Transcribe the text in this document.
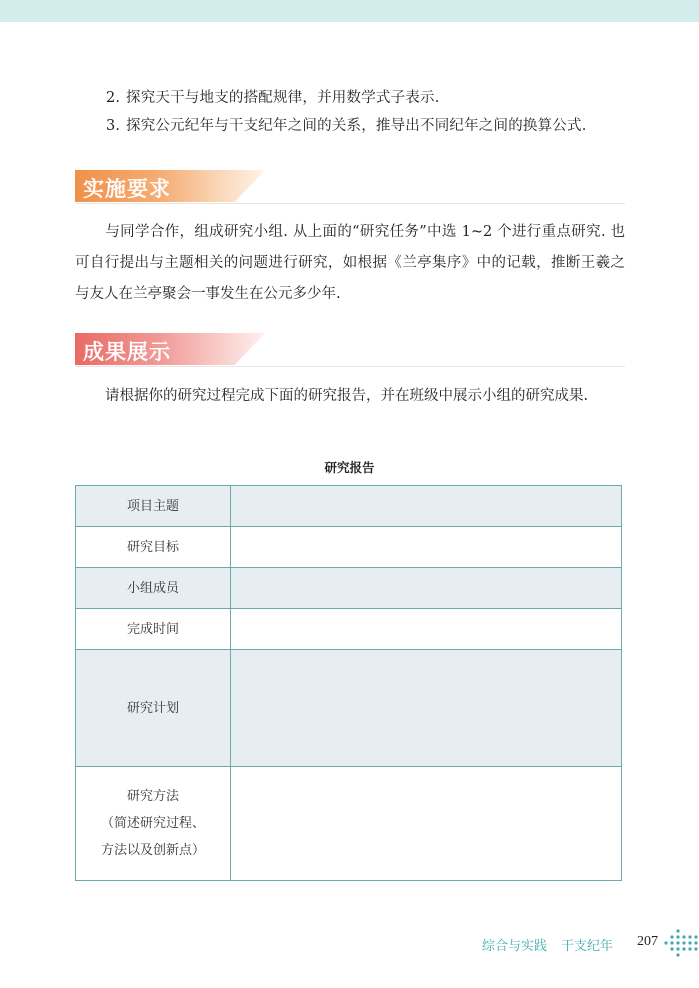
2. 探究天干与地支的搭配规律，并用数学式子表示.
3. 探究公元纪年与干支纪年之间的关系，推导出不同纪年之间的换算公式.
实施要求
与同学合作，组成研究小组. 从上面的“研究任务”中选 1~2 个进行重点研究. 也可自行提出与主题相关的问题进行研究，如根据《兰亭集序》中的记载，推断王羲之与友人在兰亭聚会一事发生在公元多少年.
成果展示
请根据你的研究过程完成下面的研究报告，并在班级中展示小组的研究成果.
研究报告
项目主题
研究目标
小组成员
完成时间
研究计划
研究方法
（简述研究过程、
方法以及创新点）
综合与实践 干支纪年 207
